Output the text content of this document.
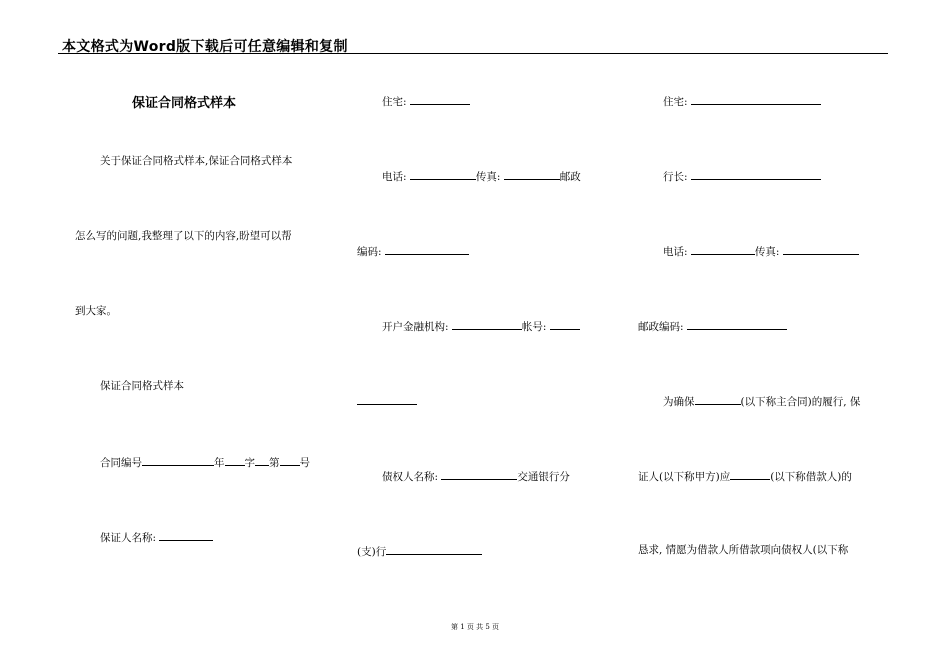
本文格式为Word版下载后可任意编辑和复制
保证合同格式样本
关于保证合同格式样本,保证合同格式样本
怎么写的问题,我整理了以下的内容,盼望可以帮
到大家。
保证合同格式样本
合同编号	年 字 第 号
保证人名称:
住宅:
电话:	传真:	邮政
编码:
开户金融机构:	帐号:
债权人名称:	交通银行分
(支)行
住宅:
行长:
电话:	传真:
邮政编码:
为确保	(以下称主合同)的履行, 保
证人(以下称甲方)应	(以下称借款人)的
恳求, 情愿为借款人所借款项向债权人(以下称
第 1 页 共 5 页
